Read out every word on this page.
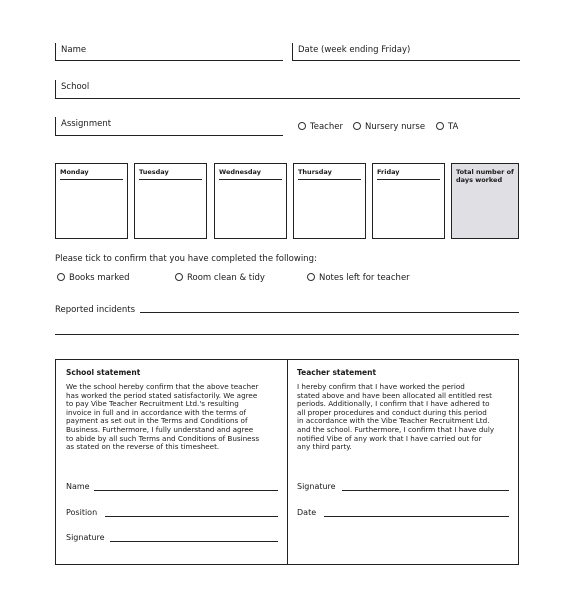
Name	Date (week ending Friday)
School
Assignment	Teacher	Nursery nurse	TA
Monday	Tuesday	Wednesday	Thursday	Friday	Total number of days worked
Please tick to confirm that you have completed the following:
Books marked	Room clean & tidy	Notes left for teacher
Reported incidents
School statement
We the school hereby confirm that the above teacher
has worked the period stated satisfactorily. We agree
to pay Vibe Teacher Recruitment Ltd.'s resulting
invoice in full and in accordance with the terms of
payment as set out in the Terms and Conditions of
Business. Furthermore, I fully understand and agree
to abide by all such Terms and Conditions of Business
as stated on the reverse of this timesheet.
Name
Position
Signature
Teacher statement
I hereby confirm that I have worked the period
stated above and have been allocated all entitled rest
periods. Additionally, I confirm that I have adhered to
all proper procedures and conduct during this period
in accordance with the Vibe Teacher Recruitment Ltd.
and the school. Furthermore, I confirm that I have duly
notified Vibe of any work that I have carried out for
any third party.
Signature
Date
